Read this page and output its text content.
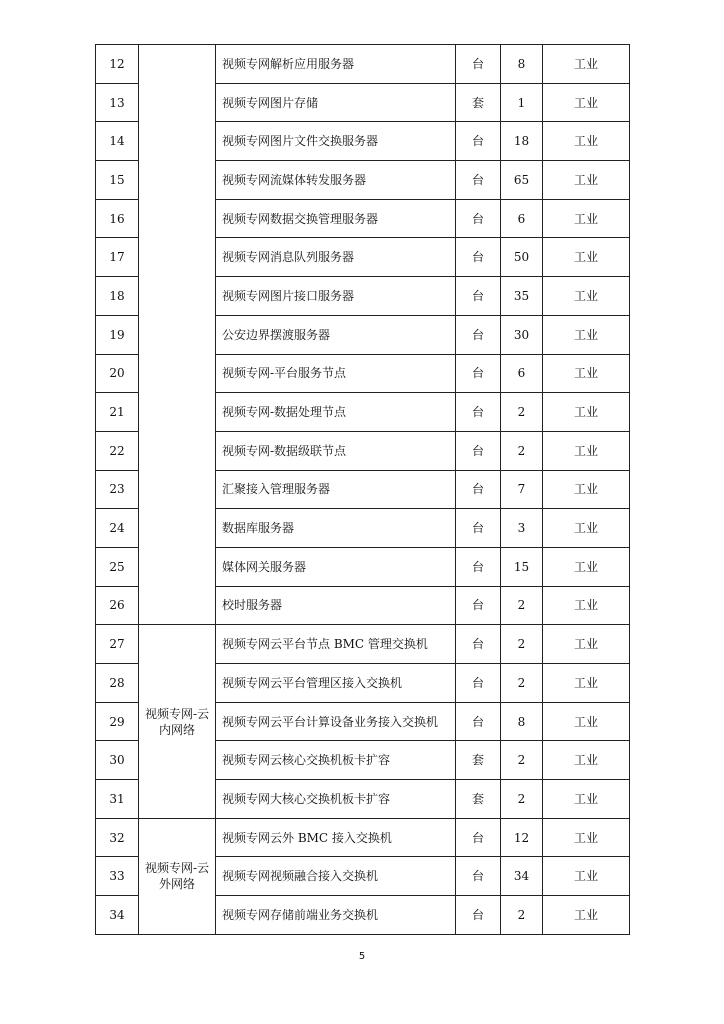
12		视频专网解析应用服务器	台	8	工业
13		视频专网图片存储	套	1	工业
14		视频专网图片文件交换服务器	台	18	工业
15		视频专网流媒体转发服务器	台	65	工业
16		视频专网数据交换管理服务器	台	6	工业
17		视频专网消息队列服务器	台	50	工业
18		视频专网图片接口服务器	台	35	工业
19		公安边界摆渡服务器	台	30	工业
20		视频专网-平台服务节点	台	6	工业
21		视频专网-数据处理节点	台	2	工业
22		视频专网-数据级联节点	台	2	工业
23		汇聚接入管理服务器	台	7	工业
24		数据库服务器	台	3	工业
25		媒体网关服务器	台	15	工业
26		校时服务器	台	2	工业
27	视频专网-云内网络	视频专网云平台节点 BMC 管理交换机	台	2	工业
28		视频专网云平台管理区接入交换机	台	2	工业
29		视频专网云平台计算设备业务接入交换机	台	8	工业
30		视频专网云核心交换机板卡扩容	套	2	工业
31		视频专网大核心交换机板卡扩容	套	2	工业
32	视频专网-云外网络	视频专网云外 BMC 接入交换机	台	12	工业
33		视频专网视频融合接入交换机	台	34	工业
34		视频专网存储前端业务交换机	台	2	工业
5
